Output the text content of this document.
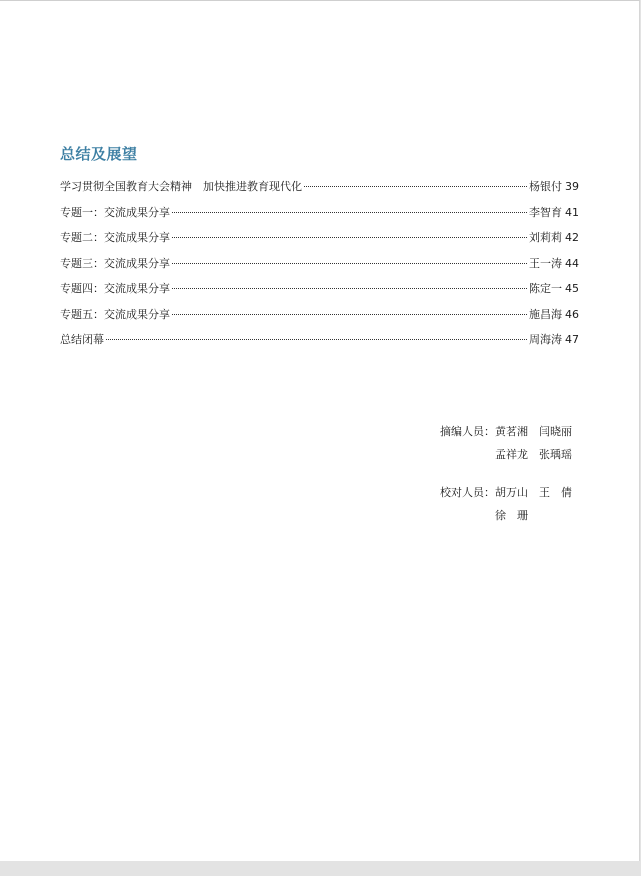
总结及展望
学习贯彻全国教育大会精神　加快推进教育现代化	杨银付 39
专题一：交流成果分享	李智育 41
专题二：交流成果分享	刘莉莉 42
专题三：交流成果分享	王一涛 44
专题四：交流成果分享	陈定一 45
专题五：交流成果分享	施昌海 46
总结闭幕	周海涛 47
摘编人员： 黄茗湘　闫晓丽
孟祥龙　张瑀瑶
校对人员： 胡万山　王　倩
徐　珊
